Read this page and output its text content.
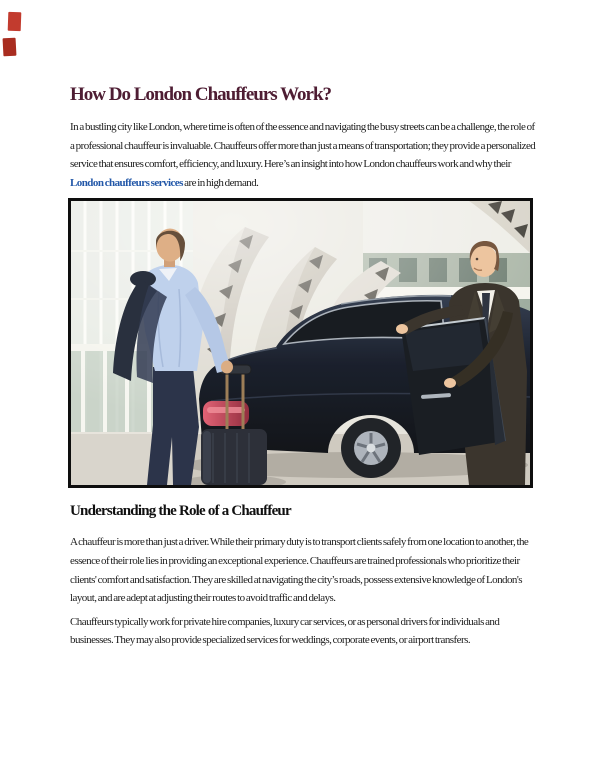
How Do London Chauffeurs Work?

In a bustling city like London, where time is often of the essence and navigating the busy streets can be a challenge, the role of a professional chauffeur is invaluable. Chauffeurs offer more than just a means of transportation; they provide a personalized service that ensures comfort, efficiency, and luxury. Here’s an insight into how London chauffeurs work and why their London chauffeurs services are in high demand.

Understanding the Role of a Chauffeur

A chauffeur is more than just a driver. While their primary duty is to transport clients safely from one location to another, the essence of their role lies in providing an exceptional experience. Chauffeurs are trained professionals who prioritize their clients' comfort and satisfaction. They are skilled at navigating the city’s roads, possess extensive knowledge of London's layout, and are adept at adjusting their routes to avoid traffic and delays.

Chauffeurs typically work for private hire companies, luxury car services, or as personal drivers for individuals and businesses. They may also provide specialized services for weddings, corporate events, or airport transfers.
